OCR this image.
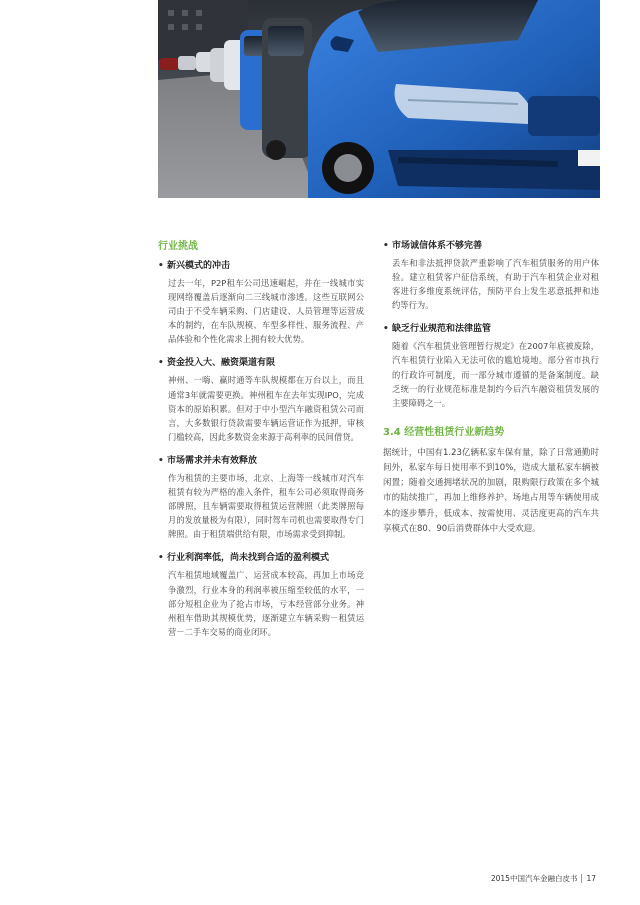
行业挑战
• 新兴模式的冲击
过去一年，P2P租车公司迅速崛起，并在一线城市实现网络覆盖后逐渐向二三线城市渗透。这些互联网公司由于不受车辆采购、门店建设、人员管理等运营成本的制约，在车队规模、车型多样性、服务流程、产品体验和个性化需求上拥有较大优势。
• 资金投入大、融资渠道有限
神州、一嗨、赢时通等车队规模都在万台以上，而且通常3年就需要更换。神州租车在去年实现IPO，完成资本的原始积累。但对于中小型汽车融资租赁公司而言，大多数银行贷款需要车辆运营证作为抵押，审核门槛较高，因此多数资金来源于高利率的民间借贷。
• 市场需求并未有效释放
作为租赁的主要市场，北京、上海等一线城市对汽车租赁有较为严格的准入条件，租车公司必须取得商务部牌照，且车辆需要取得租赁运营牌照（此类牌照每月的发放量极为有限），同时驾车司机也需要取得专门牌照。由于租赁端供给有限，市场需求受到抑制。
• 行业利润率低，尚未找到合适的盈利模式
汽车租赁地域覆盖广、运营成本较高，再加上市场竞争激烈，行业本身的利润率被压缩至较低的水平，一部分短租企业为了抢占市场，亏本经营部分业务。神州租车借助其规模优势，逐渐建立车辆采购－租赁运营－二手车交易的商业闭环。
• 市场诚信体系不够完善
丢车和非法抵押贷款严重影响了汽车租赁服务的用户体验。建立租赁客户征信系统，有助于汽车租赁企业对租客进行多维度系统评估，预防平台上发生恶意抵押和违约等行为。
• 缺乏行业规范和法律监管
随着《汽车租赁业管理暂行规定》在2007年底被废除，汽车租赁行业陷入无法可依的尴尬境地。部分省市执行的行政许可制度，而一部分城市遵循的是备案制度。缺乏统一的行业规范标准是制约今后汽车融资租赁发展的主要障碍之一。
3.4 经营性租赁行业新趋势
据统计，中国有1.23亿辆私家车保有量，除了日常通勤时间外，私家车每日使用率不到10%，造成大量私家车辆被闲置；随着交通拥堵状况的加剧，限购限行政策在多个城市的陆续推广，再加上维修养护、场地占用等车辆使用成本的逐步攀升，低成本、按需使用、灵活度更高的汽车共享模式在80、90后消费群体中大受欢迎。
2015中国汽车金融白皮书 17
